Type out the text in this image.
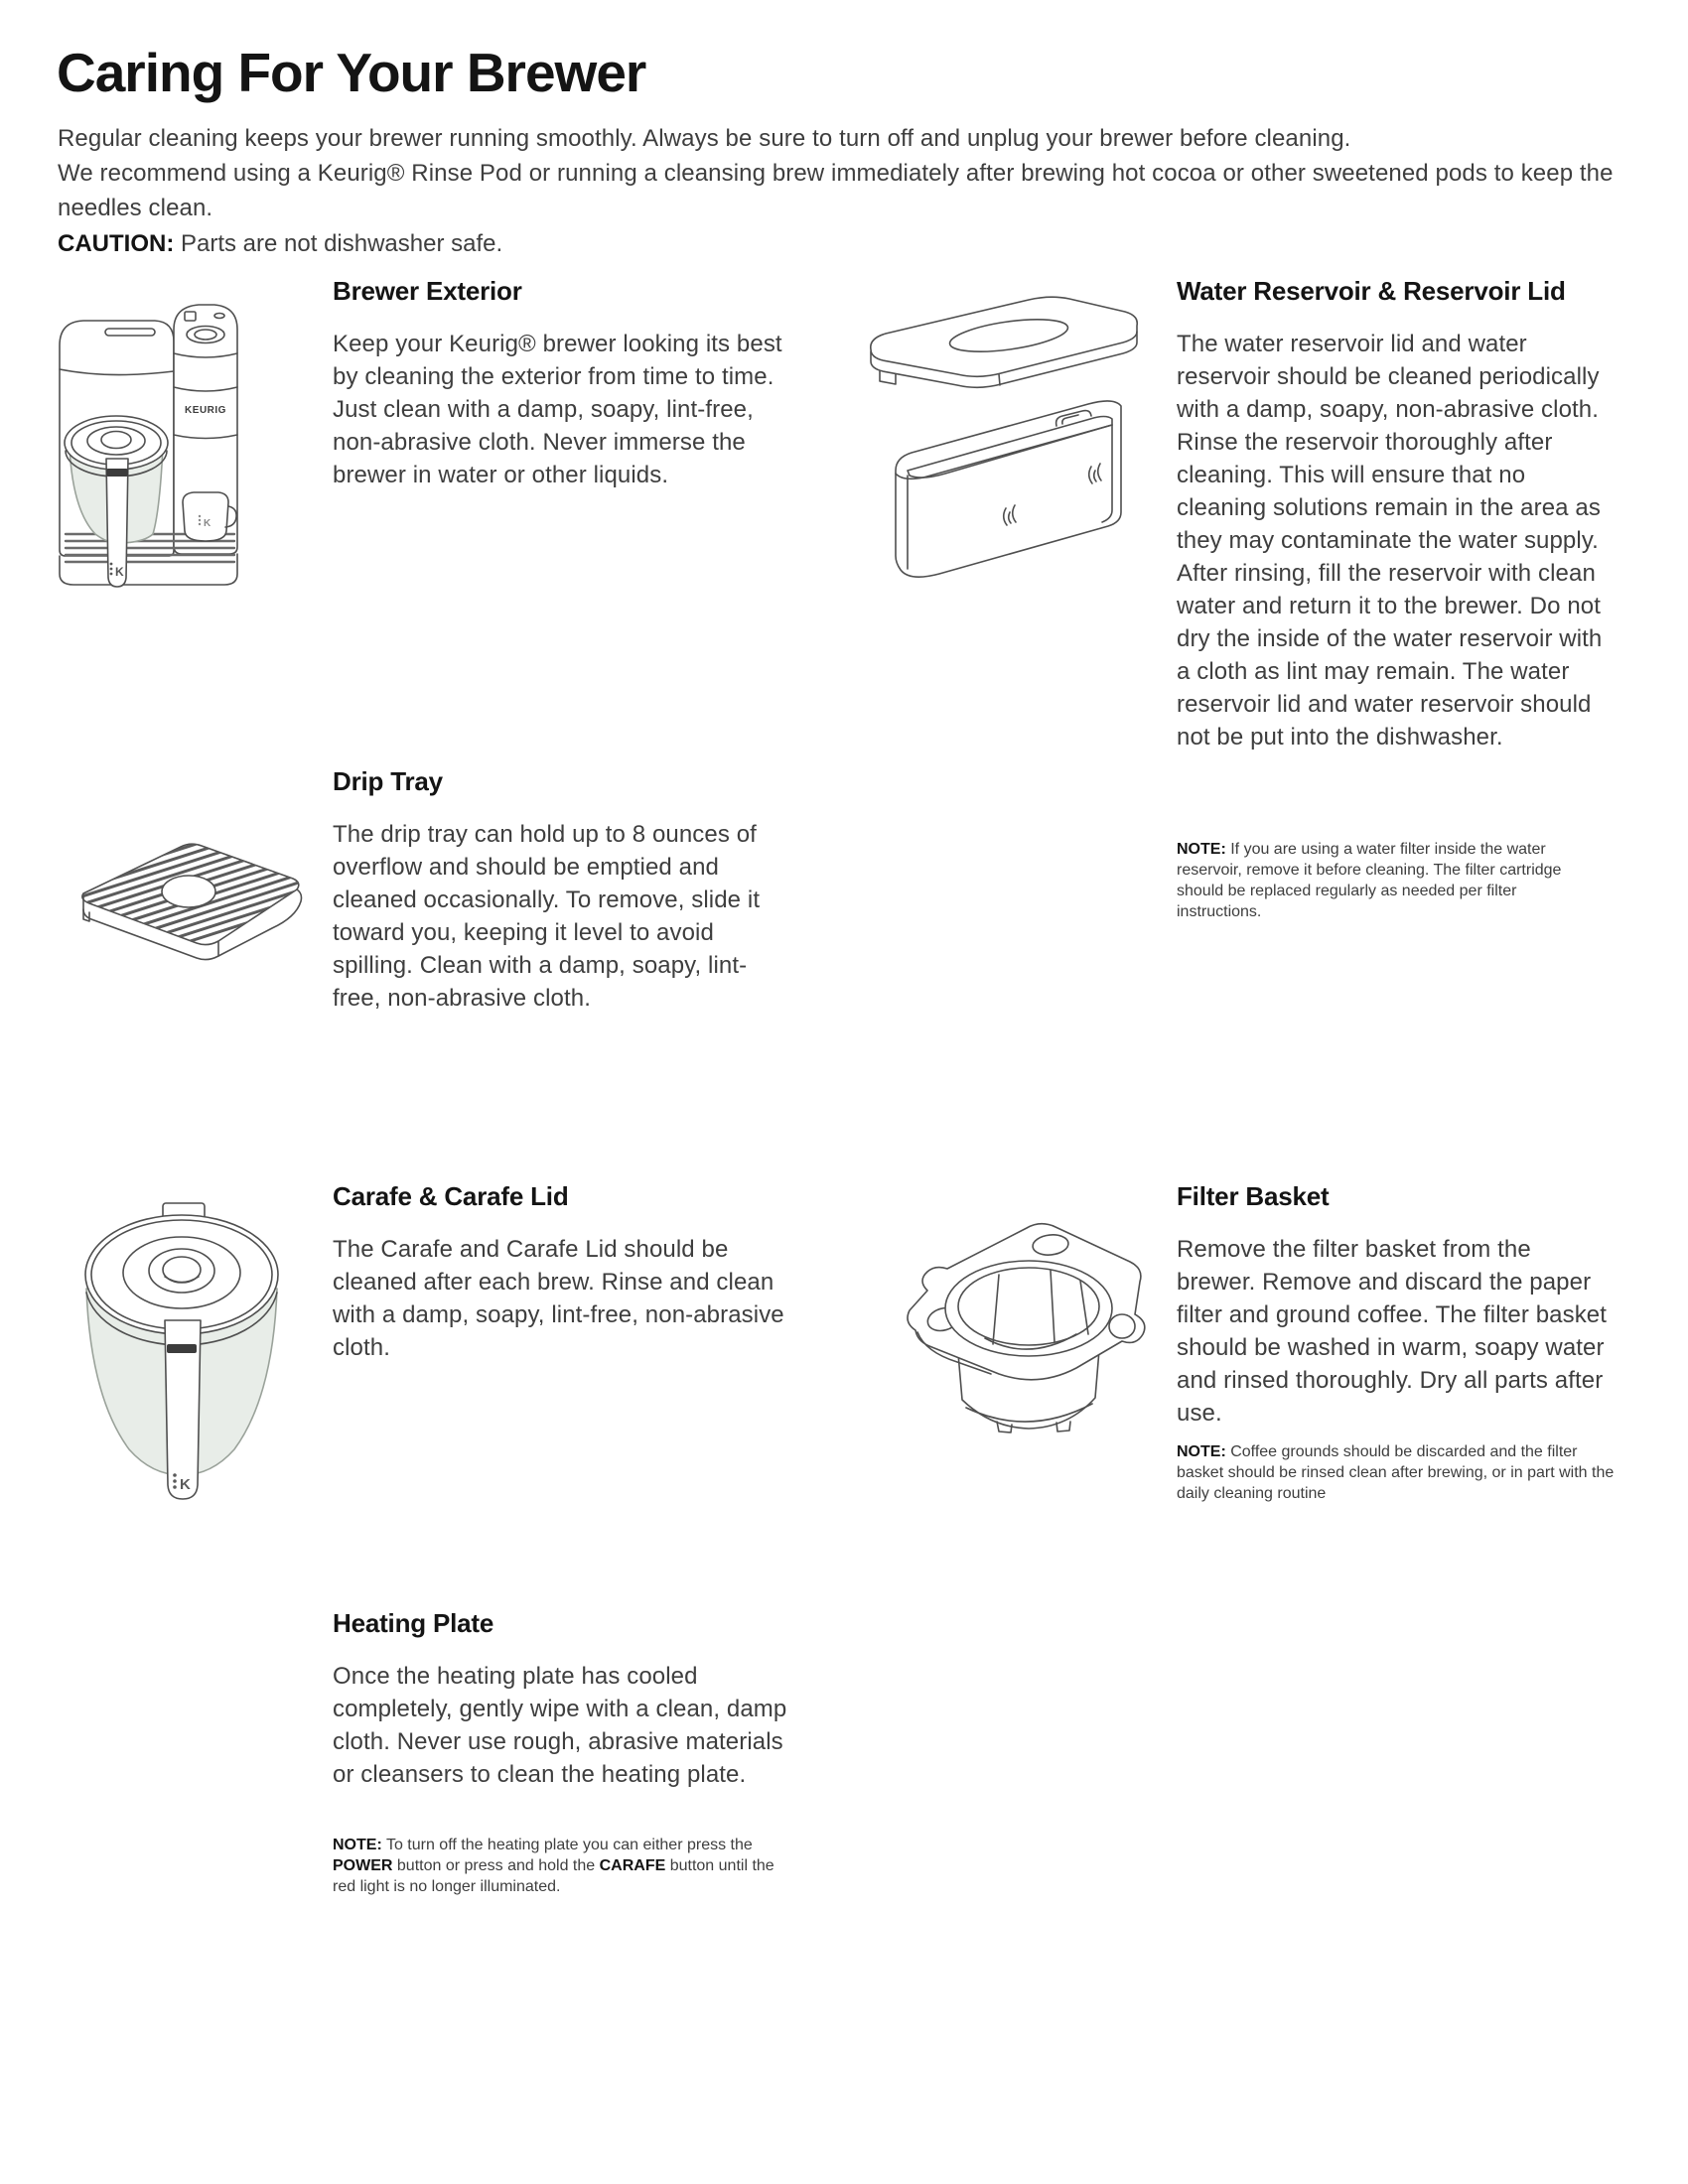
Caring For Your Brewer
Regular cleaning keeps your brewer running smoothly. Always be sure to turn off and unplug your brewer before cleaning.
We recommend using a Keurig® Rinse Pod or running a cleansing brew immediately after brewing hot cocoa or other sweetened pods to keep the needles clean.
CAUTION: Parts are not dishwasher safe.
KEURIG
K
K
Brewer Exterior
Keep your Keurig® brewer looking its best by cleaning the exterior from time to time. Just clean with a damp, soapy, lint-free, non-abrasive cloth. Never immerse the brewer in water or other liquids.
Water Reservoir & Reservoir Lid
The water reservoir lid and water reservoir should be cleaned periodically with a damp, soapy, non-abrasive cloth. Rinse the reservoir thoroughly after cleaning. This will ensure that no cleaning solutions remain in the area as they may contaminate the water supply. After rinsing, fill the reservoir with clean water and return it to the brewer. Do not dry the inside of the water reservoir with a cloth as lint may remain. The water reservoir lid and water reservoir should not be put into the dishwasher.
NOTE: If you are using a water filter inside the water reservoir, remove it before cleaning. The filter cartridge should be replaced regularly as needed per filter instructions.
Drip Tray
The drip tray can hold up to 8 ounces of overflow and should be emptied and cleaned occasionally. To remove, slide it toward you, keeping it level to avoid spilling. Clean with a damp, soapy, lint-free, non-abrasive cloth.
K
Carafe & Carafe Lid
The Carafe and Carafe Lid should be cleaned after each brew. Rinse and clean with a damp, soapy, lint-free, non-abrasive cloth.
Filter Basket
Remove the filter basket from the brewer. Remove and discard the paper filter and ground coffee. The filter basket should be washed in warm, soapy water and rinsed thoroughly. Dry all parts after use.
NOTE: Coffee grounds should be discarded and the filter basket should be rinsed clean after brewing, or in part with the daily cleaning routine
Heating Plate
Once the heating plate has cooled completely, gently wipe with a clean, damp cloth. Never use rough, abrasive materials or cleansers to clean the heating plate.
NOTE: To turn off the heating plate you can either press the POWER button or press and hold the CARAFE button until the red light is no longer illuminated.
